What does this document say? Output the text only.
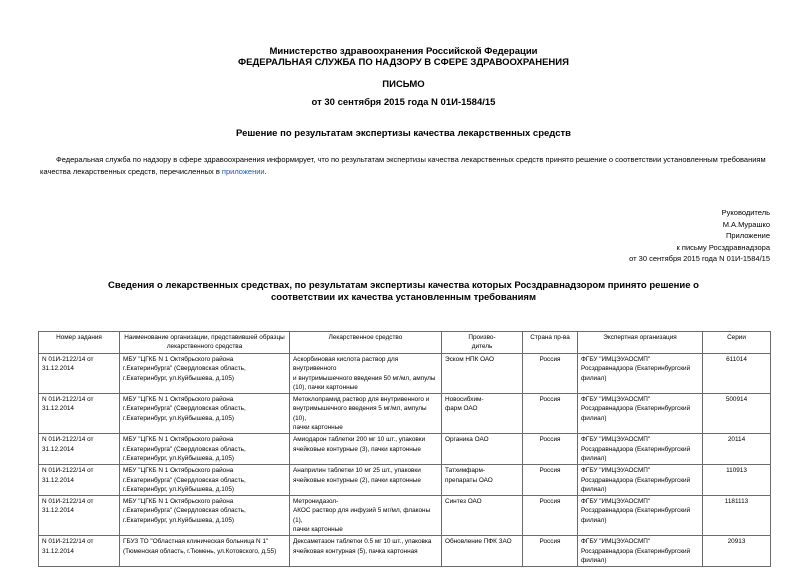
Министерство здравоохранения Российской Федерации
ФЕДЕРАЛЬНАЯ СЛУЖБА ПО НАДЗОРУ В СФЕРЕ ЗДРАВООХРАНЕНИЯ
ПИСЬМО
от 30 сентября 2015 года N 01И-1584/15
Решение по результатам экспертизы качества лекарственных средств
Федеральная служба по надзору в сфере здравоохранения информирует, что по результатам экспертизы качества лекарственных средств принято решение о соответствии установленным требованиям качества лекарственных средств, перечисленных в приложении.
Руководитель
М.А.Мурашко
Приложение
к письму Росздравнадзора
от 30 сентября 2015 года N 01И-1584/15
Сведения о лекарственных средствах, по результатам экспертизы качества которых Росздравнадзором принято решение о соответствии их качества установленным требованиям
Номер задания	Наименование организации, представившей образцы лекарственного средства	Лекарственное средство	Произво-
дитель	Страна пр-ва	Экспертная организация	Серии
N 01И-2122/14 от
31.12.2014	МБУ "ЦГКБ N 1 Октябрьского района
г.Екатеринбурга" (Свердловская область,
г.Екатеринбург, ул.Куйбышева, д.105)	Аскорбиновая кислота раствор для внутривенного
и внутримышечного введения 50 мг/мл, ампулы
(10), пачки картонные	Эском НПК ОАО	Россия	ФГБУ "ИМЦЭУАОСМП"
Росздравнадзора (Екатеринбургский
филиал)	611014
N 01И-2122/14 от
31.12.2014	МБУ "ЦГКБ N 1 Октябрьского района
г.Екатеринбурга" (Свердловская область,
г.Екатеринбург, ул.Куйбышева, д.105)	Метоклопрамид раствор для внутривенного и
внутримышечного введения 5 мг/мл, ампулы (10),
пачки картонные	Новосибхим-
фарм ОАО	Россия	ФГБУ "ИМЦЭУАОСМП"
Росздравнадзора (Екатеринбургский
филиал)	500914
N 01И-2122/14 от
31.12.2014	МБУ "ЦГКБ N 1 Октябрьского района
г.Екатеринбурга" (Свердловская область,
г.Екатеринбург, ул.Куйбышева, д.105)	Амиодарон таблетки 200 мг 10 шт., упаковки
ячейковые контурные (3), пачки картонные	Органика ОАО	Россия	ФГБУ "ИМЦЭУАОСМП"
Росздравнадзора (Екатеринбургский
филиал)	20114
N 01И-2122/14 от
31.12.2014	МБУ "ЦГКБ N 1 Октябрьского района
г.Екатеринбурга" (Свердловская область,
г.Екатеринбург, ул.Куйбышева, д.105)	Анаприлин таблетки 10 мг 25 шт., упаковки
ячейковые контурные (2), пачки картонные	Татхимфарм-
препараты ОАО	Россия	ФГБУ "ИМЦЭУАОСМП"
Росздравнадзора (Екатеринбургский
филиал)	110913
N 01И-2122/14 от
31.12.2014	МБУ "ЦГКБ N 1 Октябрьского района
г.Екатеринбурга" (Свердловская область,
г.Екатеринбург, ул.Куйбышева, д.105)	Метронидазол-
АКОС раствор для инфузий 5 мг/мл, флаконы (1),
пачки картонные	Синтез ОАО	Россия	ФГБУ "ИМЦЭУАОСМП"
Росздравнадзора (Екатеринбургский
филиал)	1181113
N 01И-2122/14 от
31.12.2014	ГБУЗ ТО "Областная клиническая больница N 1"
(Тюменская область, г.Тюмень, ул.Котовского, д.55)	Дексаметазон таблетки 0.5 мг 10 шт., упаковка
ячейковая контурная (5), пачка картонная	Обновление ПФК ЗАО	Россия	ФГБУ "ИМЦЭУАОСМП"
Росздравнадзора (Екатеринбургский
филиал)	20913
